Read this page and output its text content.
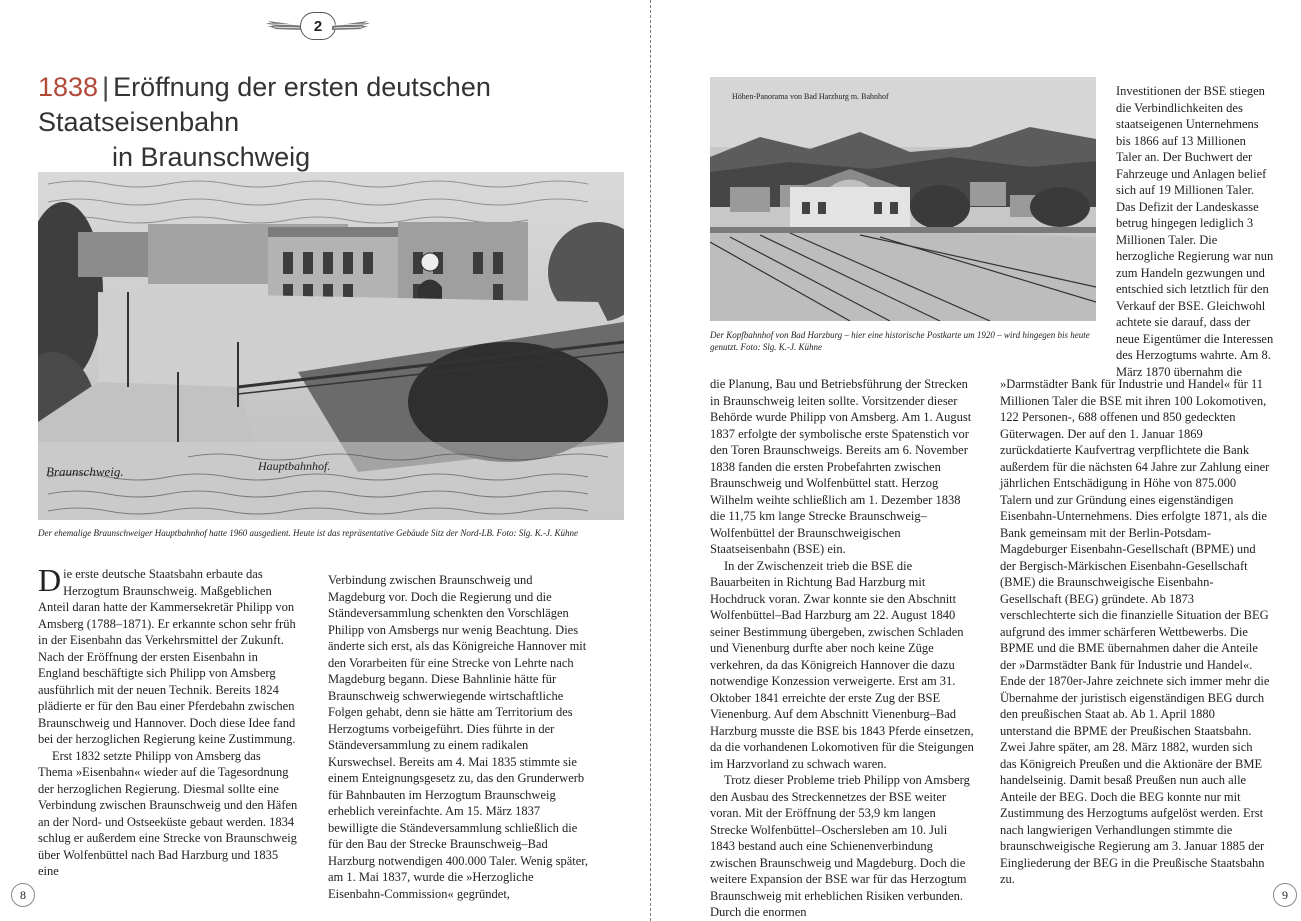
2
1838 | Eröffnung der ersten deutschen Staatseisenbahn
in Braunschweig
Braunschweig.	Hauptbahnhof.
Der ehemalige Braunschweiger Hauptbahnhof hatte 1960 ausgedient. Heute ist das repräsentative Gebäude Sitz der Nord-LB. Foto: Slg. K.-J. Kühne

Die erste deutsche Staatsbahn erbaute das Herzogtum Braunschweig. Maßgeblichen Anteil daran hatte der Kammersekretär Philipp von Amsberg (1788–1871). Er erkannte schon sehr früh in der Eisenbahn das Verkehrsmittel der Zukunft. Nach der Eröffnung der ersten Eisenbahn in England beschäftigte sich Philipp von Amsberg ausführlich mit der neuen Technik. Bereits 1824 plädierte er für den Bau einer Pferdebahn zwischen Braunschweig und Hannover. Doch diese Idee fand bei der herzoglichen Regierung keine Zustimmung.

Erst 1832 setzte Philipp von Amsberg das Thema »Eisenbahn« wieder auf die Tagesordnung der herzoglichen Regierung. Diesmal sollte eine Verbindung zwischen Braunschweig und den Häfen an der Nord- und Ostseeküste gebaut werden. 1834 schlug er außerdem eine Strecke von Braunschweig über Wolfenbüttel nach Bad Harzburg und 1835 eine

Verbindung zwischen Braunschweig und Magdeburg vor. Doch die Regierung und die Ständeversammlung schenkten den Vorschlägen Philipp von Amsbergs nur wenig Beachtung. Dies änderte sich erst, als das Königreiche Hannover mit den Vorarbeiten für eine Strecke von Lehrte nach Magdeburg begann. Diese Bahnlinie hätte für Braunschweig schwerwiegende wirtschaftliche Folgen gehabt, denn sie hätte am Territorium des Herzogtums vorbeigeführt. Dies führte in der Ständeversammlung zu einem radikalen Kurswechsel. Bereits am 4. Mai 1835 stimmte sie einem Enteignungsgesetz zu, das den Grunderwerb für Bahnbauten im Herzogtum Braunschweig erheblich vereinfachte. Am 15. März 1837 bewilligte die Ständeversammlung schließlich die für den Bau der Strecke Braunschweig–Bad Harzburg notwendigen 400.000 Taler. Wenig später, am 1. Mai 1837, wurde die »Herzogliche Eisenbahn-Commission« gegründet,

8
Höhen-Panorama von Bad Harzburg m. Bahnhof
Der Kopfbahnhof von Bad Harzburg – hier eine historische Postkarte um 1920 – wird hingegen bis heute genutzt. Foto: Slg. K.-J. Kühne

Investitionen der BSE stiegen die Verbindlichkeiten des staatseigenen Unternehmens bis 1866 auf 13 Millionen Taler an. Der Buchwert der Fahrzeuge und Anlagen belief sich auf 19 Millionen Taler. Das Defizit der Landeskasse betrug hingegen lediglich 3 Millionen Taler. Die herzogliche Regierung war nun zum Handeln gezwungen und entschied sich letztlich für den Verkauf der BSE. Gleichwohl achtete sie darauf, dass der neue Eigentümer die Interessen des Herzogtums wahrte. Am 8. März 1870 übernahm die

die Planung, Bau und Betriebsführung der Strecken in Braunschweig leiten sollte. Vorsitzender dieser Behörde wurde Philipp von Amsberg. Am 1. August 1837 erfolgte der symbolische erste Spatenstich vor den Toren Braunschweigs. Bereits am 6. November 1838 fanden die ersten Probefahrten zwischen Braunschweig und Wolfenbüttel statt. Herzog Wilhelm weihte schließlich am 1. Dezember 1838 die 11,75 km lange Strecke Braunschweig–Wolfenbüttel der Braunschweigischen Staatseisenbahn (BSE) ein.

In der Zwischenzeit trieb die BSE die Bauarbeiten in Richtung Bad Harzburg mit Hochdruck voran. Zwar konnte sie den Abschnitt Wolfenbüttel–Bad Harzburg am 22. August 1840 seiner Bestimmung übergeben, zwischen Schladen und Vienenburg durfte aber noch keine Züge verkehren, da das Königreich Hannover die dazu notwendige Konzession verweigerte. Erst am 31. Oktober 1841 erreichte der erste Zug der BSE Vienenburg. Auf dem Abschnitt Vienenburg–Bad Harzburg musste die BSE bis 1843 Pferde einsetzen, da die vorhandenen Lokomotiven für die Steigungen im Harzvorland zu schwach waren.

Trotz dieser Probleme trieb Philipp von Amsberg den Ausbau des Streckennetzes der BSE weiter voran. Mit der Eröffnung der 53,9 km langen Strecke Wolfenbüttel–Oschersleben am 10. Juli 1843 bestand auch eine Schienenverbindung zwischen Braunschweig und Magdeburg. Doch die weitere Expansion der BSE war für das Herzogtum Braunschweig mit erheblichen Risiken verbunden. Durch die enormen

»Darmstädter Bank für Industrie und Handel« für 11 Millionen Taler die BSE mit ihren 100 Lokomotiven, 122 Personen-, 688 offenen und 850 gedeckten Güterwagen. Der auf den 1. Januar 1869 zurückdatierte Kaufvertrag verpflichtete die Bank außerdem für die nächsten 64 Jahre zur Zahlung einer jährlichen Entschädigung in Höhe von 875.000 Talern und zur Gründung eines eigenständigen Eisenbahn-Unternehmens. Dies erfolgte 1871, als die Bank gemeinsam mit der Berlin-Potsdam-Magdeburger Eisenbahn-Gesellschaft (BPME) und der Bergisch-Märkischen Eisenbahn-Gesellschaft (BME) die Braunschweigische Eisenbahn-Gesellschaft (BEG) gründete. Ab 1873 verschlechterte sich die finanzielle Situation der BEG aufgrund des immer schärferen Wettbewerbs. Die BPME und die BME übernahmen daher die Anteile der »Darmstädter Bank für Industrie und Handel«. Ende der 1870er-Jahre zeichnete sich immer mehr die Übernahme der juristisch eigenständigen BEG durch den preußischen Staat ab. Ab 1. April 1880 unterstand die BPME der Preußischen Staatsbahn. Zwei Jahre später, am 28. März 1882, wurden sich das Königreich Preußen und die Aktionäre der BME handelseinig. Damit besaß Preußen nun auch alle Anteile der BEG. Doch die BEG konnte nur mit Zustimmung des Herzogtums aufgelöst werden. Erst nach langwierigen Verhandlungen stimmte die braunschweigische Regierung am 3. Januar 1885 der Eingliederung der BEG in die Preußische Staatsbahn zu.

9
